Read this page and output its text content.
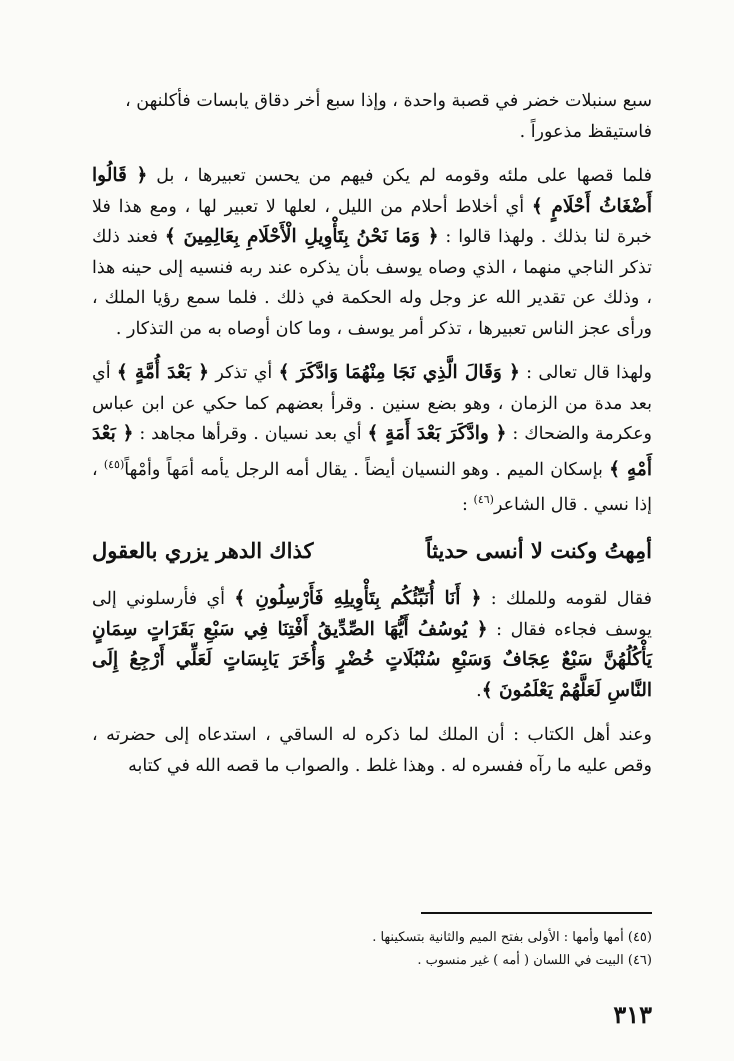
سبع سنبلات خضر في قصبة واحدة ، وإذا سبع أخر دقاق يابسات فأكلنهن ،
فاستيقظ مذعوراً .

فلما قصها على ملئه وقومه لم يكن فيهم من يحسن تعبيرها ، بل ﴿ قَالُوا أَضْغَاثُ أَحْلَامٍ ﴾ أي أخلاط أحلام من الليل ، لعلها لا تعبير لها ، ومع هذا فلا خبرة لنا بذلك . ولهذا قالوا : ﴿ وَمَا نَحْنُ بِتَأْوِيلِ الْأَحْلَامِ بِعَالِمِينَ ﴾ فعند ذلك تذكر الناجي منهما ، الذي وصاه يوسف بأن يذكره عند ربه فنسيه إلى حينه هذا ، وذلك عن تقدير الله عز وجل وله الحكمة في ذلك . فلما سمع رؤيا الملك ، ورأى عجز الناس تعبيرها ، تذكر أمر يوسف ، وما كان أوصاه به من التذكار .

ولهذا قال تعالى : ﴿ وَقَالَ الَّذِي نَجَا مِنْهُمَا وَادَّكَرَ ﴾ أي تذكر ﴿ بَعْدَ أُمَّةٍ ﴾ أي بعد مدة من الزمان ، وهو بضع سنين . وقرأ بعضهم كما حكي عن ابن عباس وعكرمة والضحاك : ﴿ وادَّكَرَ بَعْدَ أَمَةٍ ﴾ أي بعد نسيان . وقرأها مجاهد : ﴿ بَعْدَ أَمْهٍ ﴾ بإسكان الميم . وهو النسيان أيضاً . يقال أمه الرجل يأمه أمَهاً وأمْهاً$^{(٤٥)}$ ، إذا نسي . قال الشاعر$^{(٤٦)}$ :

أمِهتُ وكنت لا أنسى حديثاً
كذاك الدهر يزري بالعقول

فقال لقومه وللملك : ﴿ أَنَا أُنَبِّئُكُم بِتَأْوِيلِهِ فَأَرْسِلُونِ ﴾ أي فأرسلوني إلى يوسف فجاءه فقال : ﴿ يُوسُفُ أَيُّهَا الصِّدِّيقُ أَفْتِنَا فِي سَبْعِ بَقَرَاتٍ سِمَانٍ يَأْكُلُهُنَّ سَبْعٌ عِجَافٌ وَسَبْعِ سُنْبُلَاتٍ خُضْرٍ وَأُخَرَ يَابِسَاتٍ لَعَلِّي أَرْجِعُ إِلَى النَّاسِ لَعَلَّهُمْ يَعْلَمُونَ ﴾.

وعند أهل الكتاب : أن الملك لما ذكره له الساقي ، استدعاه إلى حضرته ، وقص عليه ما رآه ففسره له . وهذا غلط . والصواب ما قصه الله في كتابه

(٤٥) أمها وأمها : الأولى بفتح الميم والثانية بتسكينها .
(٤٦) البيت في اللسان ( أمه ) غير منسوب .
٣١٣
